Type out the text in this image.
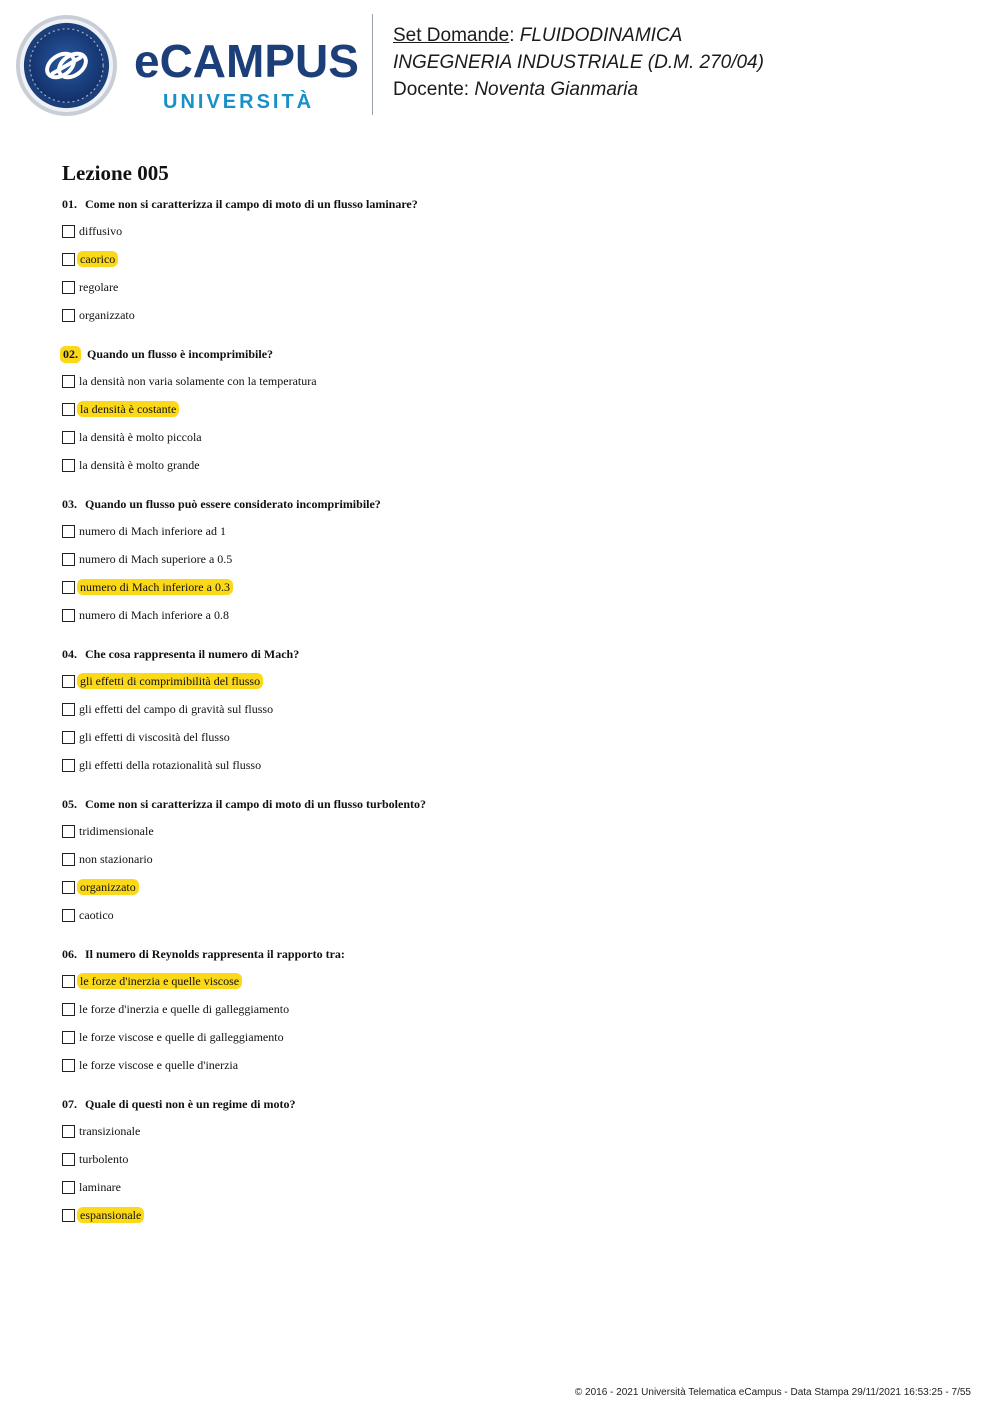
eCAMPUS
UNIVERSITÀ
Set Domande: FLUIDODINAMICA
INGEGNERIA INDUSTRIALE (D.M. 270/04)
Docente: Noventa Gianmaria
Lezione 005
01. Come non si caratterizza il campo di moto di un flusso laminare?
diffusivo
caorico
regolare
organizzato
02. Quando un flusso è incomprimibile?
la densità non varia solamente con la temperatura
la densità è costante
la densità è molto piccola
la densità è molto grande
03. Quando un flusso può essere considerato incomprimibile?
numero di Mach inferiore ad 1
numero di Mach superiore a 0.5
numero di Mach inferiore a 0.3
numero di Mach inferiore a 0.8
04. Che cosa rappresenta il numero di Mach?
gli effetti di comprimibilità del flusso
gli effetti del campo di gravità sul flusso
gli effetti di viscosità del flusso
gli effetti della rotazionalità sul flusso
05. Come non si caratterizza il campo di moto di un flusso turbolento?
tridimensionale
non stazionario
organizzato
caotico
06. Il numero di Reynolds rappresenta il rapporto tra:
le forze d'inerzia e quelle viscose
le forze d'inerzia e quelle di galleggiamento
le forze viscose e quelle di galleggiamento
le forze viscose e quelle d'inerzia
07. Quale di questi non è un regime di moto?
transizionale
turbolento
laminare
espansionale
© 2016 - 2021 Università Telematica eCampus - Data Stampa 29/11/2021 16:53:25 - 7/55
